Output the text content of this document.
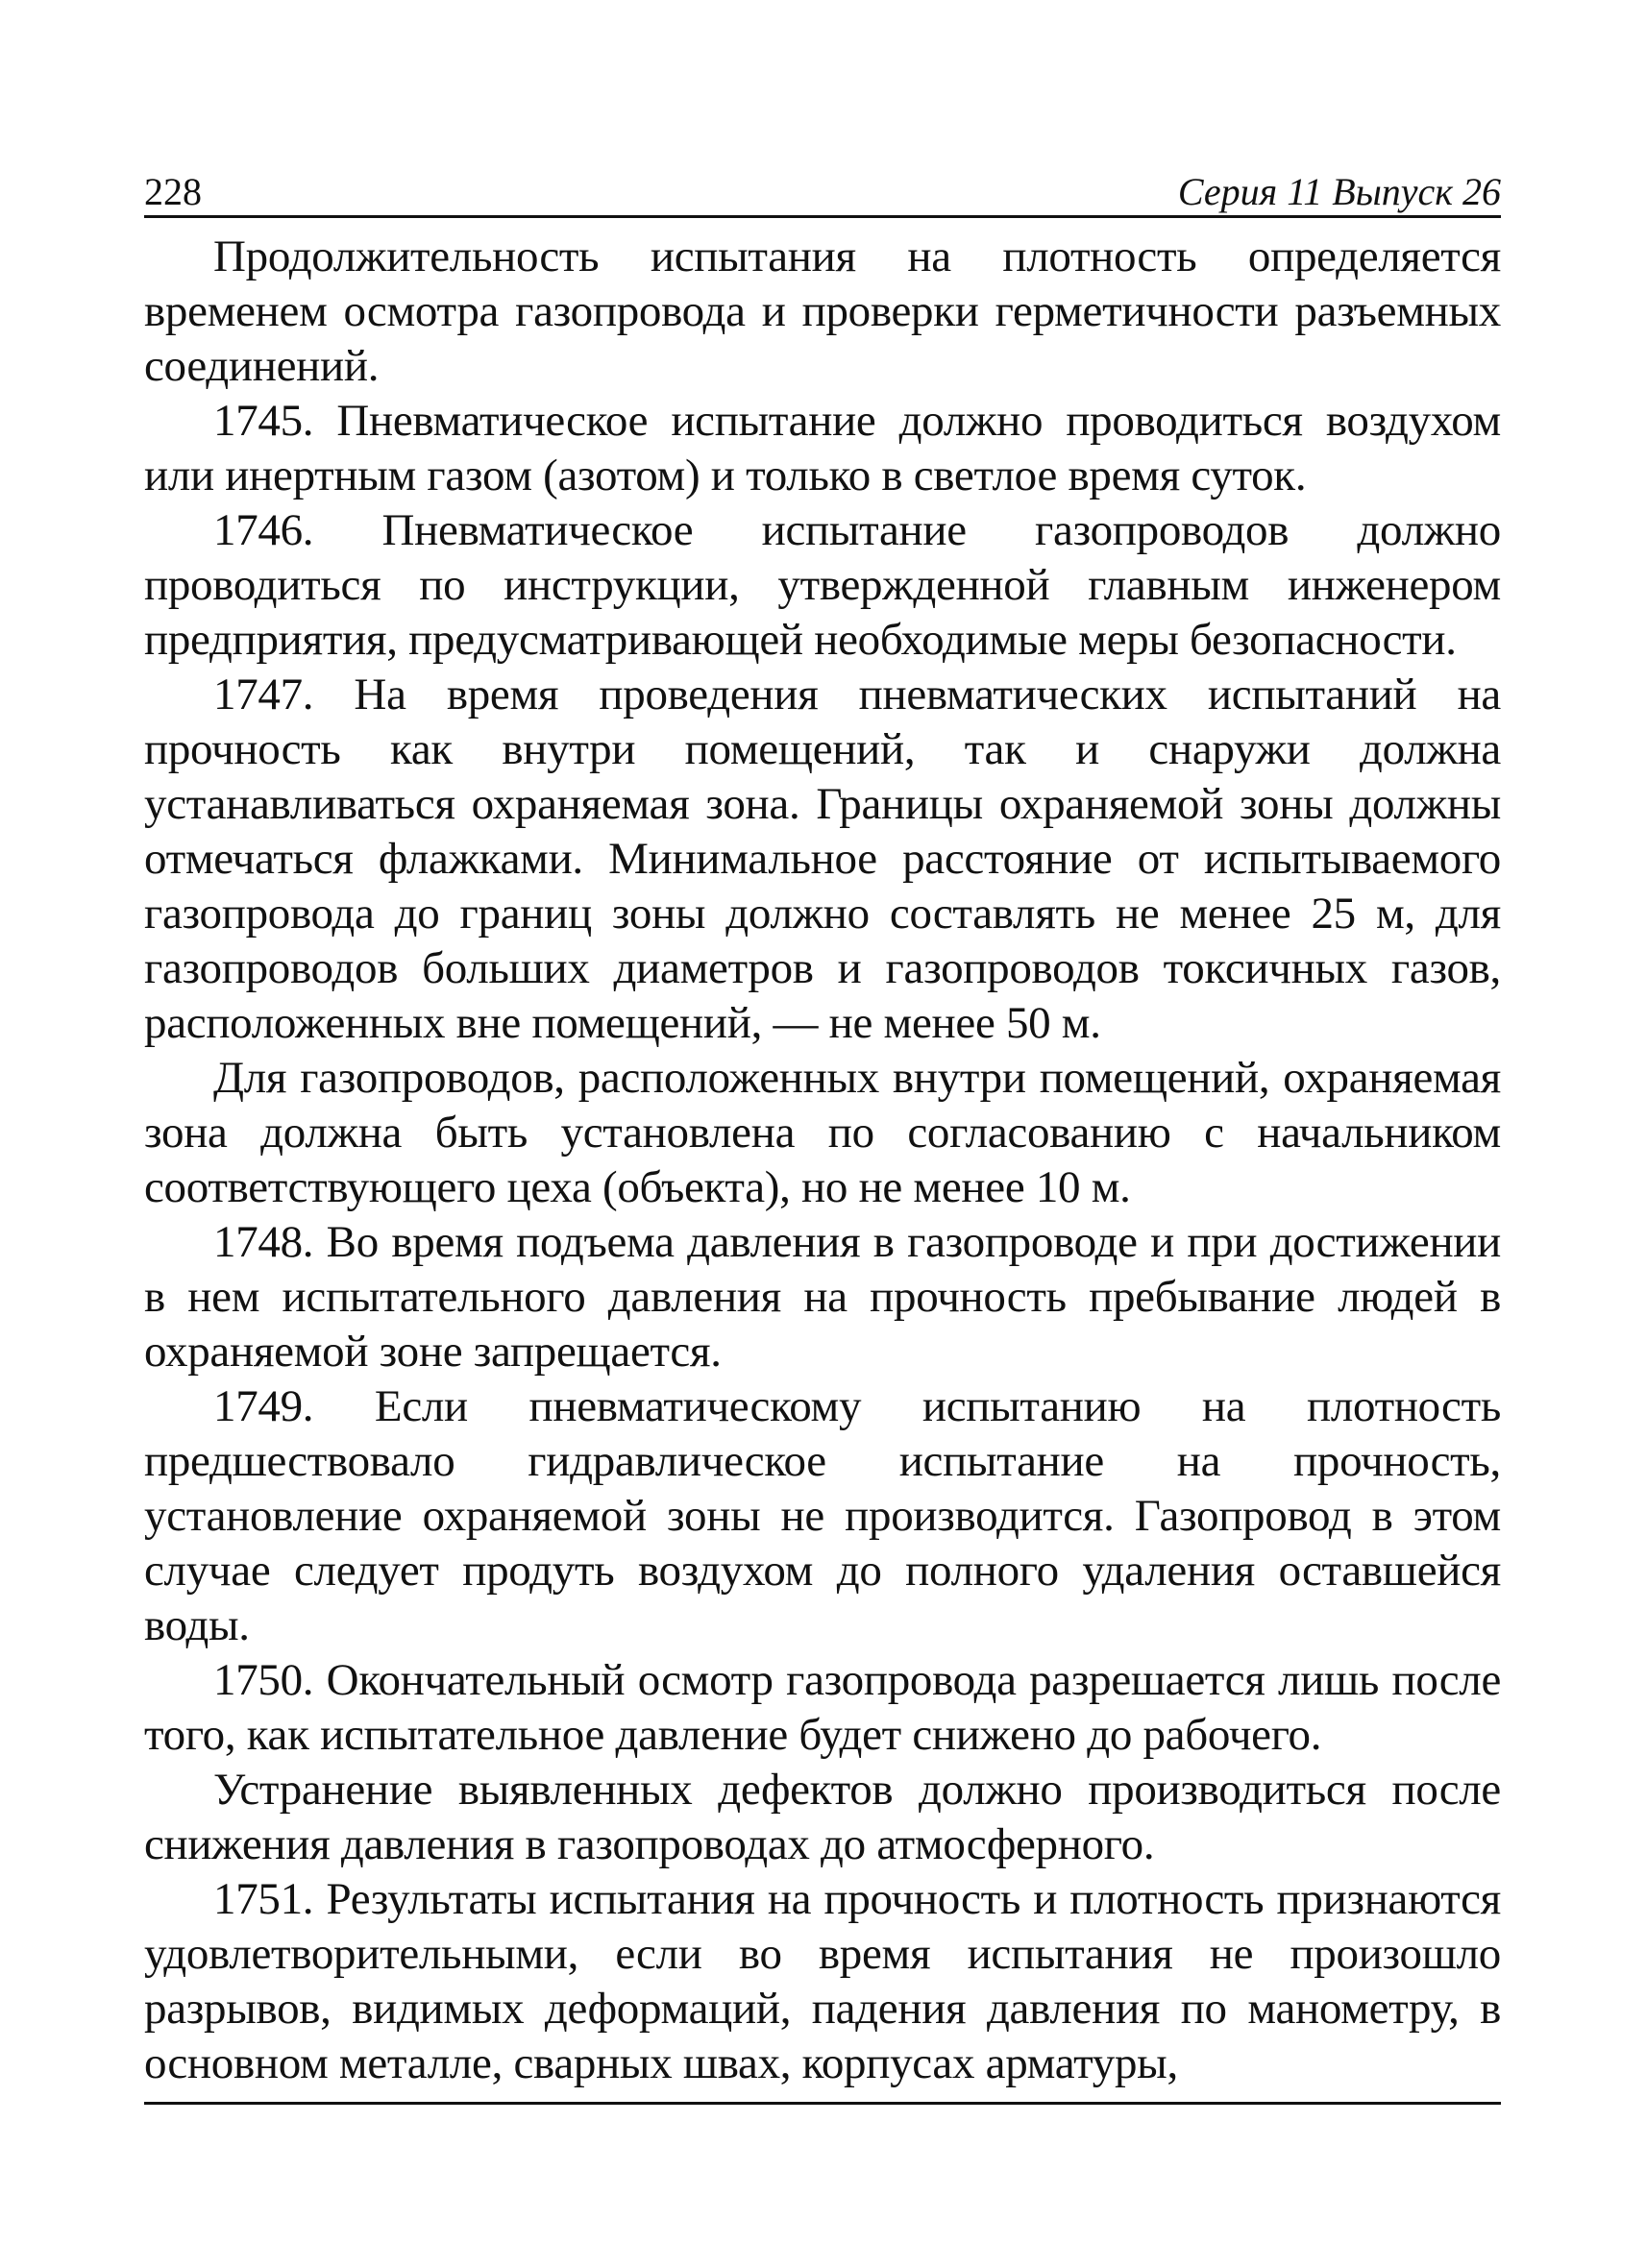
228	Серия 11 Выпуск 26

Продолжительность испытания на плотность определяется временем осмотра газопровода и проверки герметичности разъемных соединений.

1745. Пневматическое испытание должно проводиться воздухом или инертным газом (азотом) и только в светлое время суток.

1746. Пневматическое испытание газопроводов должно проводиться по инструкции, утвержденной главным инженером предприятия, предусматривающей необходимые меры безопасности.

1747. На время проведения пневматических испытаний на прочность как внутри помещений, так и снаружи должна устанавливаться охраняемая зона. Границы охраняемой зоны должны отмечаться флажками. Минимальное расстояние от испытываемого газопровода до границ зоны должно составлять не менее 25 м, для газопроводов больших диаметров и газопроводов токсичных газов, расположенных вне помещений, — не менее 50 м.

Для газопроводов, расположенных внутри помещений, охраняемая зона должна быть установлена по согласованию с начальником соответствующего цеха (объекта), но не менее 10 м.

1748. Во время подъема давления в газопроводе и при достижении в нем испытательного давления на прочность пребывание людей в охраняемой зоне запрещается.

1749. Если пневматическому испытанию на плотность предшествовало гидравлическое испытание на прочность, установление охраняемой зоны не производится. Газопровод в этом случае следует продуть воздухом до полного удаления оставшейся воды.

1750. Окончательный осмотр газопровода разрешается лишь после того, как испытательное давление будет снижено до рабочего.

Устранение выявленных дефектов должно производиться после снижения давления в газопроводах до атмосферного.

1751. Результаты испытания на прочность и плотность признаются удовлетворительными, если во время испытания не произошло разрывов, видимых деформаций, падения давления по манометру, в основном металле, сварных швах, корпусах арматуры,
